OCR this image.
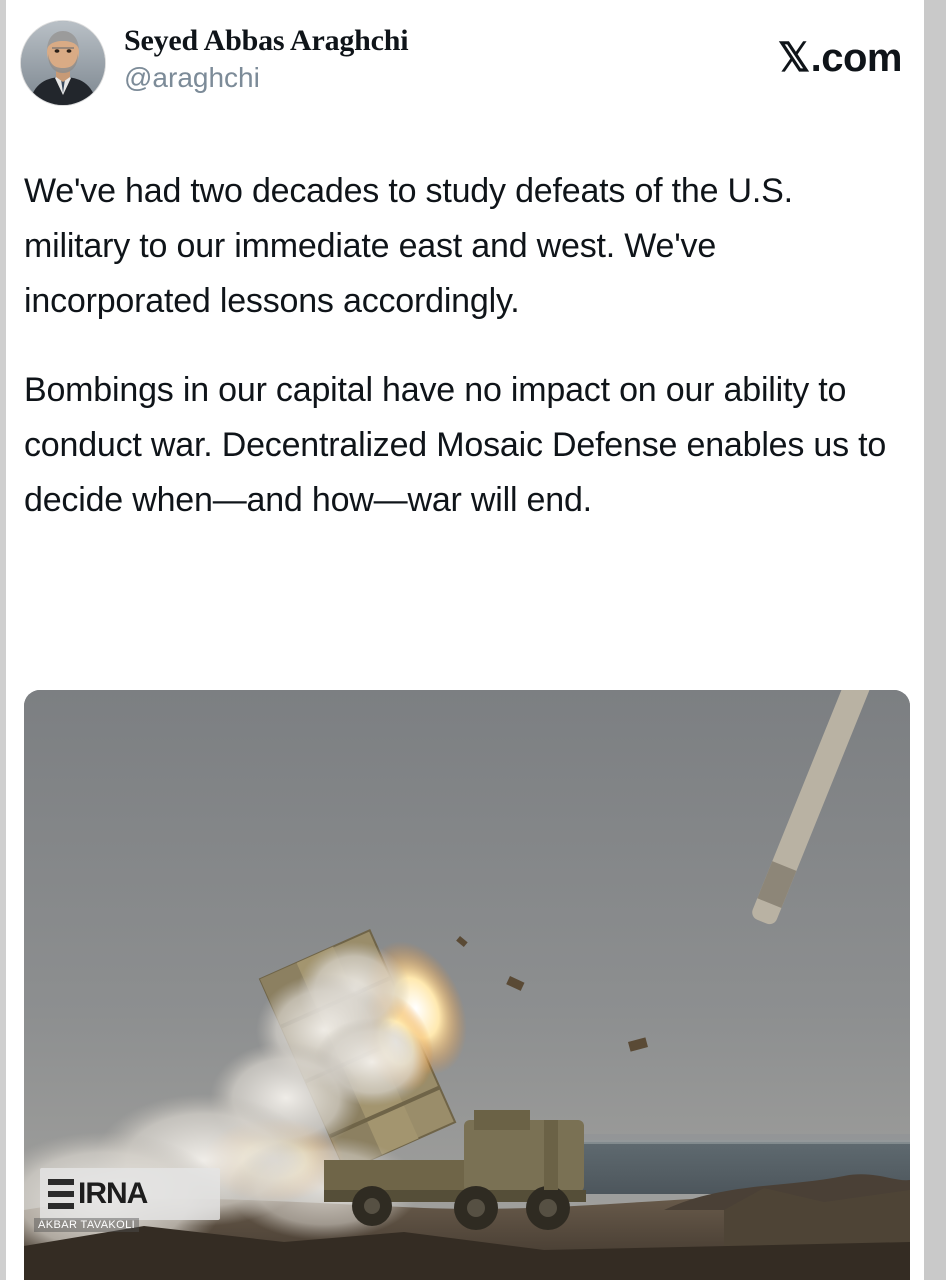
Seyed Abbas Araghchi
@araghchi	𝕏 .com

We've had two decades to study defeats of the U.S. military to our immediate east and west. We've incorporated lessons accordingly.

Bombings in our capital have no impact on our ability to conduct war. Decentralized Mosaic Defense enables us to decide when—and how—war will end.

IRNA
AKBAR TAVAKOLI
